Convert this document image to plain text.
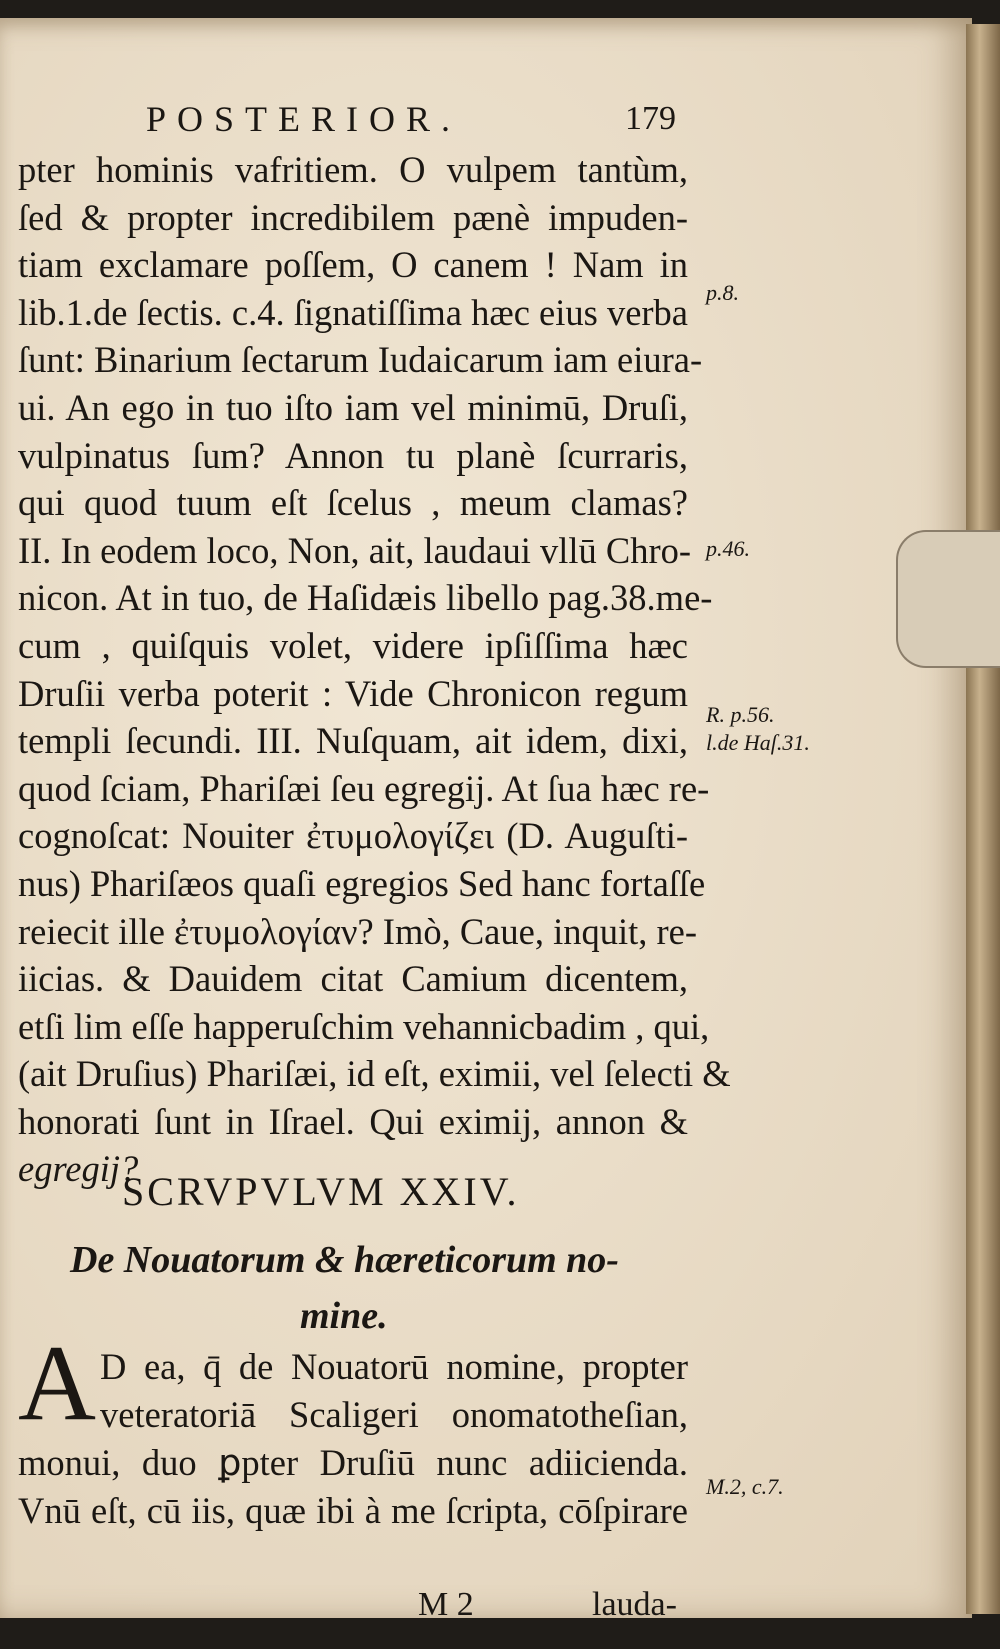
POSTERIOR.	179
pter hominis vafritiem. O vulpem tantùm,
ſed & propter incredibilem pænè impuden-
tiam exclamare poſſem, O canem ! Nam in
lib.1.de ſectis. c.4. ſignatiſſima hæc eius verba
ſunt: Binarium ſectarum Iudaicarum iam eiura-
ui. An ego in tuo iſto iam vel minimū, Druſi,
vulpinatus ſum? Annon tu planè ſcurraris,
qui quod tuum eſt ſcelus , meum clamas?
II. In eodem loco, Non, ait, laudaui vllū Chro-
nicon. At in tuo, de Haſidæis libello pag.38.me-
cum , quiſquis volet, videre ipſiſſima hæc
Druſii verba poterit : Vide Chronicon regum
templi ſecundi. III. Nuſquam, ait idem, dixi,
quod ſciam, Phariſæi ſeu egregij. At ſua hæc re-
cognoſcat: Nouiter ἐτυμολογίζει (D. Auguſti-
nus) Phariſæos quaſi egregios Sed hanc fortaſſe
reiecit ille ἐτυμολογίαν? Imò, Caue, inquit, re-
iicias. & Dauidem citat Camium dicentem,
etſi lim eſſe happeruſchim vehannicbadim , qui,
(ait Druſius) Phariſæi, id eſt, eximii, vel ſelecti &
honorati ſunt in Iſrael. Qui eximij, annon &
egregij?
p.8.
p.46.
R. p.56.
l.de Haſ.31.
M.2, c.7.
SCRVPVLVM XXIV.
De Nouatorum & hæreticorum no-
mine.
A D ea, q̄ de Nouatorū nomine, propter
veteratoriā Scaligeri onomatotheſian,
monui, duo ꝑpter Druſiū nunc adiicienda.
Vnū eſt, cū iis, quæ ibi à me ſcripta, cōſpirare
M 2	lauda-
